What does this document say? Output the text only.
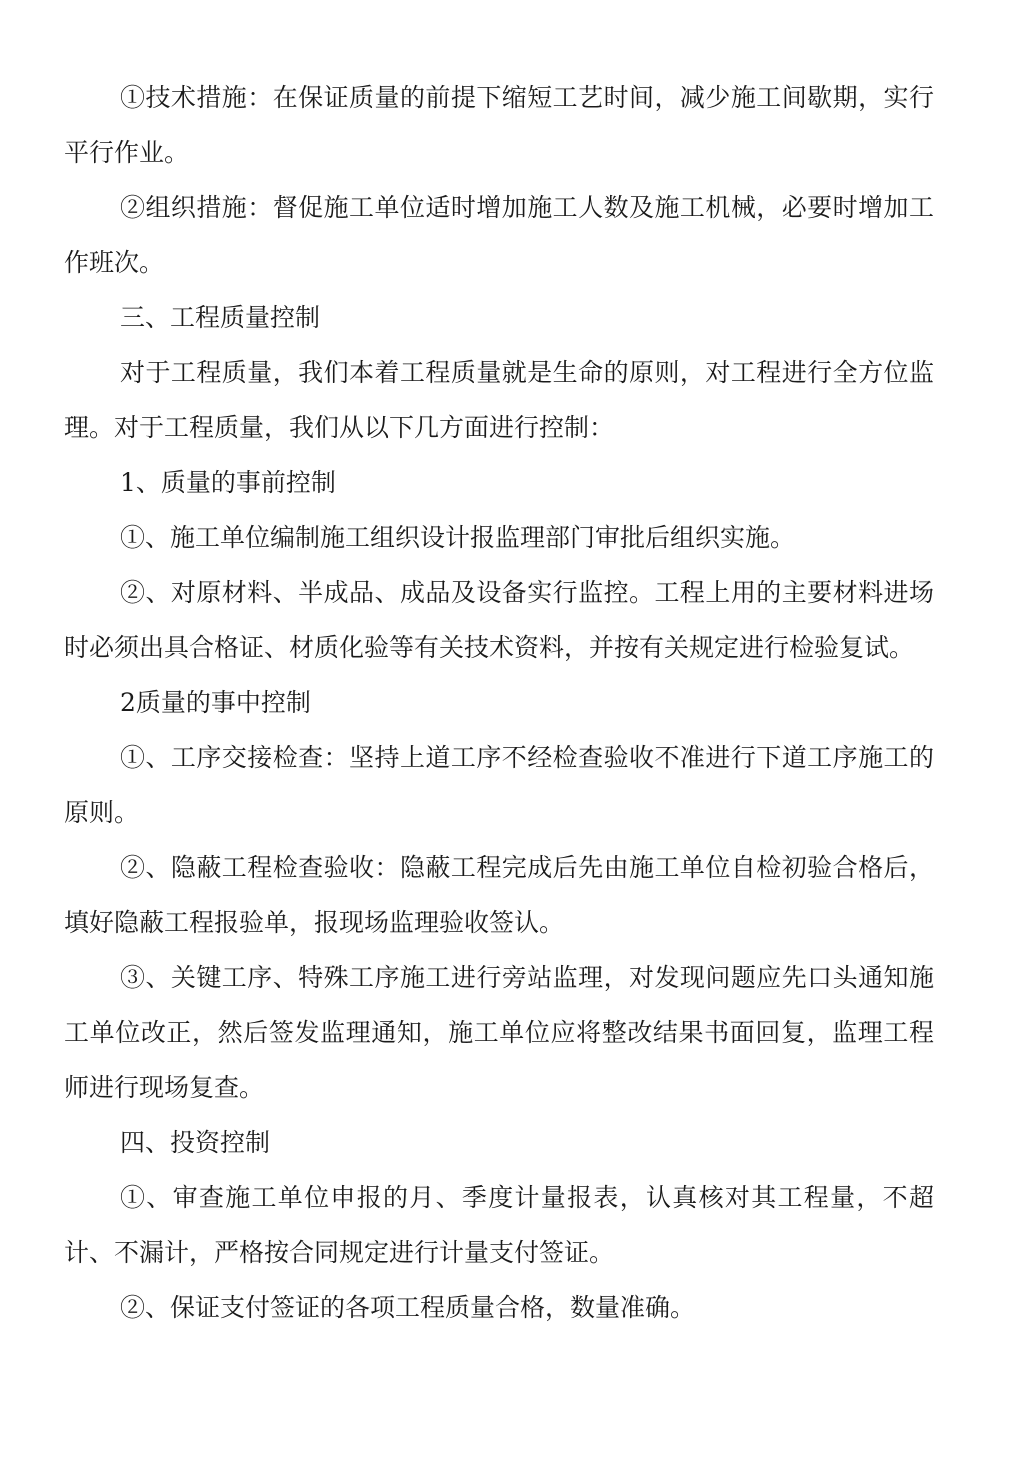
①技术措施：在保证质量的前提下缩短工艺时间，减少施工间歇期，实行平行作业。

②组织措施：督促施工单位适时增加施工人数及施工机械，必要时增加工作班次。

三、工程质量控制

对于工程质量，我们本着工程质量就是生命的原则，对工程进行全方位监理。对于工程质量，我们从以下几方面进行控制：

1、质量的事前控制

①、施工单位编制施工组织设计报监理部门审批后组织实施。

②、对原材料、半成品、成品及设备实行监控。工程上用的主要材料进场时必须出具合格证、材质化验等有关技术资料，并按有关规定进行检验复试。

2质量的事中控制

①、工序交接检查：坚持上道工序不经检查验收不准进行下道工序施工的原则。

②、隐蔽工程检查验收：隐蔽工程完成后先由施工单位自检初验合格后，填好隐蔽工程报验单，报现场监理验收签认。

③、关键工序、特殊工序施工进行旁站监理，对发现问题应先口头通知施工单位改正，然后签发监理通知，施工单位应将整改结果书面回复，监理工程师进行现场复查。

四、投资控制

①、审查施工单位申报的月、季度计量报表，认真核对其工程量，不超计、不漏计，严格按合同规定进行计量支付签证。

②、保证支付签证的各项工程质量合格，数量准确。
